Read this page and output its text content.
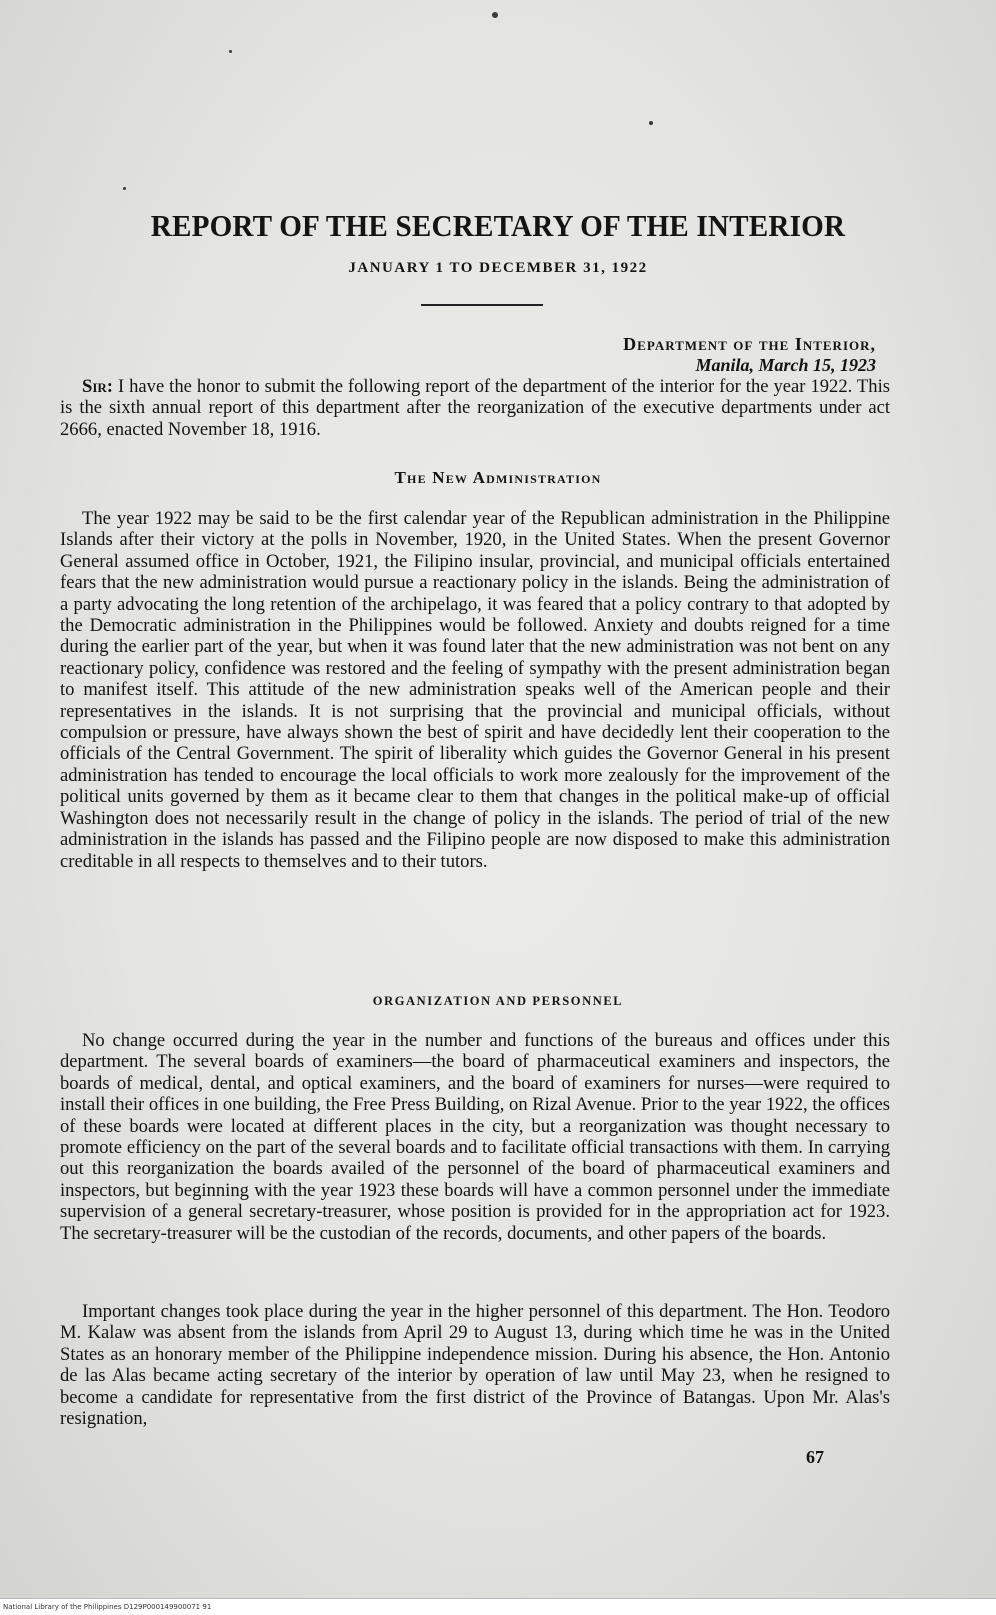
REPORT OF THE SECRETARY OF THE INTERIOR

JANUARY 1 TO DECEMBER 31, 1922

Department of the Interior,

Manila, March 15, 1923

Sir: I have the honor to submit the following report of the department of the interior for the year 1922. This is the sixth annual report of this department after the reorganization of the executive departments under act 2666, enacted November 18, 1916.

The New Administration

The year 1922 may be said to be the first calendar year of the Republican administration in the Philippine Islands after their victory at the polls in November, 1920, in the United States. When the present Governor General assumed office in October, 1921, the Filipino insular, provincial, and municipal officials entertained fears that the new administration would pursue a reactionary policy in the islands. Being the administration of a party advocating the long retention of the archipelago, it was feared that a policy contrary to that adopted by the Democratic administration in the Philippines would be followed. Anxiety and doubts reigned for a time during the earlier part of the year, but when it was found later that the new administration was not bent on any reactionary policy, confidence was restored and the feeling of sympathy with the present administration began to manifest itself. This attitude of the new administration speaks well of the American people and their representatives in the islands. It is not surprising that the provincial and municipal officials, without compulsion or pressure, have always shown the best of spirit and have decidedly lent their cooperation to the officials of the Central Government. The spirit of liberality which guides the Governor General in his present administration has tended to encourage the local officials to work more zealously for the improvement of the political units governed by them as it became clear to them that changes in the political make-up of official Washington does not necessarily result in the change of policy in the islands. The period of trial of the new administration in the islands has passed and the Filipino people are now disposed to make this administration creditable in all respects to themselves and to their tutors.

ORGANIZATION AND PERSONNEL

No change occurred during the year in the number and functions of the bureaus and offices under this department. The several boards of examiners—the board of pharmaceutical examiners and inspectors, the boards of medical, dental, and optical examiners, and the board of examiners for nurses—were required to install their offices in one building, the Free Press Building, on Rizal Avenue. Prior to the year 1922, the offices of these boards were located at different places in the city, but a reorganization was thought necessary to promote efficiency on the part of the several boards and to facilitate official transactions with them. In carrying out this reorganization the boards availed of the personnel of the board of pharmaceutical examiners and inspectors, but beginning with the year 1923 these boards will have a common personnel under the immediate supervision of a general secretary-treasurer, whose position is provided for in the appropriation act for 1923. The secretary-treasurer will be the custodian of the records, documents, and other papers of the boards.

Important changes took place during the year in the higher personnel of this department. The Hon. Teodoro M. Kalaw was absent from the islands from April 29 to August 13, during which time he was in the United States as an honorary member of the Philippine independence mission. During his absence, the Hon. Antonio de las Alas became acting secretary of the interior by operation of law until May 23, when he resigned to become a candidate for representative from the first district of the Province of Batangas. Upon Mr. Alas's resignation,

67

National Library of the Philippines D129P000149900071 91
